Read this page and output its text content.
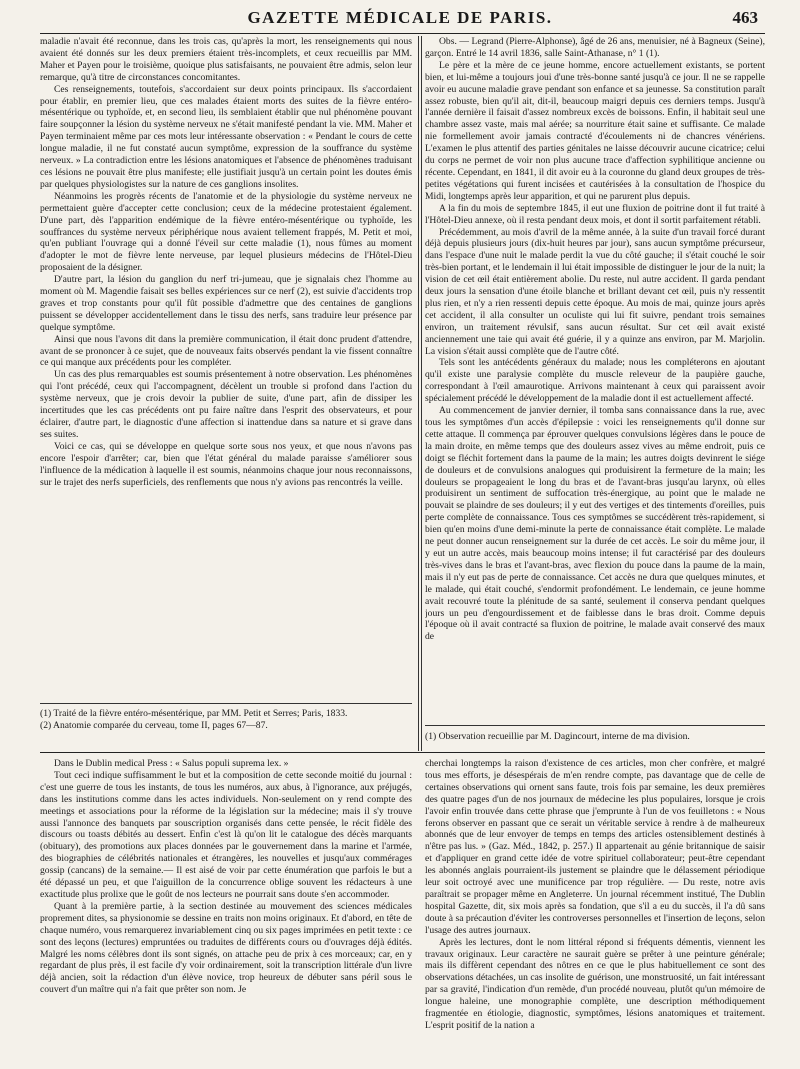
GAZETTE MÉDICALE DE PARIS.	463

maladie n'avait été reconnue, dans les trois cas, qu'après la mort, les renseignements qui nous avaient été donnés sur les deux premiers étaient très-incomplets, et ceux recueillis par MM. Maher et Payen pour le troisième, quoique plus satisfaisants, ne pouvaient être admis, selon leur remarque, qu'à titre de circonstances concomitantes.

Ces renseignements, toutefois, s'accordaient sur deux points principaux. Ils s'accordaient pour établir, en premier lieu, que ces malades étaient morts des suites de la fièvre entéro-mésentérique ou typhoïde, et, en second lieu, ils semblaient établir que nul phénomène pouvant faire soupçonner la lésion du système nerveux ne s'était manifesté pendant la vie. MM. Maher et Payen terminaient même par ces mots leur intéressante observation : « Pendant le cours de cette longue maladie, il ne fut constaté aucun symptôme, expression de la souffrance du système nerveux. » La contradiction entre les lésions anatomiques et l'absence de phénomènes traduisant ces lésions ne pouvait être plus manifeste; elle justifiait jusqu'à un certain point les doutes émis par quelques physiologistes sur la nature de ces ganglions insolites.

Néanmoins les progrès récents de l'anatomie et de la physiologie du système nerveux ne permettaient guère d'accepter cette conclusion; ceux de la médecine protestaient également. D'une part, dès l'apparition endémique de la fièvre entéro-mésentérique ou typhoïde, les souffrances du système nerveux périphérique nous avaient tellement frappés, M. Petit et moi, qu'en publiant l'ouvrage qui a donné l'éveil sur cette maladie (1), nous fûmes au moment d'adopter le mot de fièvre lente nerveuse, par lequel plusieurs médecins de l'Hôtel-Dieu proposaient de la désigner.

D'autre part, la lésion du ganglion du nerf tri-jumeau, que je signalais chez l'homme au moment où M. Magendie faisait ses belles expériences sur ce nerf (2), est suivie d'accidents trop graves et trop constants pour qu'il fût possible d'admettre que des centaines de ganglions puissent se développer accidentellement dans le tissu des nerfs, sans traduire leur présence par quelque symptôme.

Ainsi que nous l'avons dit dans la première communication, il était donc prudent d'attendre, avant de se prononcer à ce sujet, que de nouveaux faits observés pendant la vie fissent connaître ce qui manque aux précédents pour les compléter.

Un cas des plus remarquables est soumis présentement à notre observation. Les phénomènes qui l'ont précédé, ceux qui l'accompagnent, décèlent un trouble si profond dans l'action du système nerveux, que je crois devoir la publier de suite, d'une part, afin de dissiper les incertitudes que les cas précédents ont pu faire naître dans l'esprit des observateurs, et pour éclairer, d'autre part, le diagnostic d'une affection si inattendue dans sa nature et si grave dans ses suites.

Voici ce cas, qui se développe en quelque sorte sous nos yeux, et que nous n'avons pas encore l'espoir d'arrêter; car, bien que l'état général du malade paraisse s'améliorer sous l'influence de la médication à laquelle il est soumis, néanmoins chaque jour nous reconnaissons, sur le trajet des nerfs superficiels, des renflements que nous n'y avions pas rencontrés la veille.

(1) Traité de la fièvre entéro-mésentérique, par MM. Petit et Serres; Paris, 1833.
(2) Anatomie comparée du cerveau, tome II, pages 67—87.

Obs. — Legrand (Pierre-Alphonse), âgé de 26 ans, menuisier, né à Bagneux (Seine), garçon. Entré le 14 avril 1836, salle Saint-Athanase, n° 1 (1).

Le père et la mère de ce jeune homme, encore actuellement existants, se portent bien, et lui-même a toujours joui d'une très-bonne santé jusqu'à ce jour. Il ne se rappelle avoir eu aucune maladie grave pendant son enfance et sa jeunesse. Sa constitution paraît assez robuste, bien qu'il ait, dit-il, beaucoup maigri depuis ces derniers temps. Jusqu'à l'année dernière il faisait d'assez nombreux excès de boissons. Enfin, il habitait seul une chambre assez vaste, mais mal aérée; sa nourriture était saine et suffisante. Ce malade nie formellement avoir jamais contracté d'écoulements ni de chancres vénériens. L'examen le plus attentif des parties génitales ne laisse découvrir aucune cicatrice; celui du corps ne permet de voir non plus aucune trace d'affection syphilitique ancienne ou récente. Cependant, en 1841, il dit avoir eu à la couronne du gland deux groupes de très-petites végétations qui furent incisées et cautérisées à la consultation de l'hospice du Midi, longtemps après leur apparition, et qui ne parurent plus depuis.

A la fin du mois de septembre 1845, il eut une fluxion de poitrine dont il fut traité à l'Hôtel-Dieu annexe, où il resta pendant deux mois, et dont il sortit parfaitement rétabli.

Précédemment, au mois d'avril de la même année, à la suite d'un travail forcé durant déjà depuis plusieurs jours (dix-huit heures par jour), sans aucun symptôme précurseur, dans l'espace d'une nuit le malade perdit la vue du côté gauche; il s'était couché le soir très-bien portant, et le lendemain il lui était impossible de distinguer le jour de la nuit; la vision de cet œil était entièrement abolie. Du reste, nul autre accident. Il garda pendant deux jours la sensation d'une étoile blanche et brillant devant cet œil, puis n'y ressentit plus rien, et n'y a rien ressenti depuis cette époque. Au mois de mai, quinze jours après cet accident, il alla consulter un oculiste qui lui fit suivre, pendant trois semaines environ, un traitement révulsif, sans aucun résultat. Sur cet œil avait existé anciennement une taie qui avait été guérie, il y a quinze ans environ, par M. Marjolin. La vision s'était aussi complète que de l'autre côté.

Tels sont les antécédents généraux du malade; nous les compléterons en ajoutant qu'il existe une paralysie complète du muscle releveur de la paupière gauche, correspondant à l'œil amaurotique. Arrivons maintenant à ceux qui paraissent avoir spécialement précédé le développement de la maladie dont il est actuellement affecté.

Au commencement de janvier dernier, il tomba sans connaissance dans la rue, avec tous les symptômes d'un accès d'épilepsie : voici les renseignements qu'il donne sur cette attaque. Il commença par éprouver quelques convulsions légères dans le pouce de la main droite, en même temps que des douleurs assez vives au même endroit, puis ce doigt se fléchit fortement dans la paume de la main; les autres doigts devinrent le siége de douleurs et de convulsions analogues qui produisirent la fermeture de la main; les douleurs se propageaient le long du bras et de l'avant-bras jusqu'au larynx, où elles produisirent un sentiment de suffocation très-énergique, au point que le malade ne pouvait se plaindre de ses douleurs; il y eut des vertiges et des tintements d'oreilles, puis perte complète de connaissance. Tous ces symptômes se succédèrent très-rapidement, si bien qu'en moins d'une demi-minute la perte de connaissance était complète. Le malade ne peut donner aucun renseignement sur la durée de cet accès. Le soir du même jour, il y eut un autre accès, mais beaucoup moins intense; il fut caractérisé par des douleurs très-vives dans le bras et l'avant-bras, avec flexion du pouce dans la paume de la main, mais il n'y eut pas de perte de connaissance. Cet accès ne dura que quelques minutes, et le malade, qui était couché, s'endormit profondément. Le lendemain, ce jeune homme avait recouvré toute la plénitude de sa santé, seulement il conserva pendant quelques jours un peu d'engourdissement et de faiblesse dans le bras droit. Comme depuis l'époque où il avait contracté sa fluxion de poitrine, le malade avait conservé des maux de

(1) Observation recueillie par M. Dagincourt, interne de ma division.

Dans le Dublin medical Press : « Salus populi suprema lex. »

Tout ceci indique suffisamment le but et la composition de cette seconde moitié du journal : c'est une guerre de tous les instants, de tous les numéros, aux abus, à l'ignorance, aux préjugés, dans les institutions comme dans les actes individuels. Non-seulement on y rend compte des meetings et associations pour la réforme de la législation sur la médecine; mais il s'y trouve aussi l'annonce des banquets par souscription organisés dans cette pensée, le récit fidèle des discours ou toasts débités au dessert. Enfin c'est là qu'on lit le catalogue des décès marquants (obituary), des promotions aux places données par le gouvernement dans la marine et l'armée, des biographies de célébrités nationales et étrangères, les nouvelles et jusqu'aux commérages gossip (cancans) de la semaine.— Il est aisé de voir par cette énumération que parfois le but a été dépassé un peu, et que l'aiguillon de la concurrence oblige souvent les rédacteurs à une exactitude plus prolixe que le goût de nos lecteurs ne pourrait sans doute s'en accommoder.

Quant à la première partie, à la section destinée au mouvement des sciences médicales proprement dites, sa physionomie se dessine en traits non moins originaux. Et d'abord, en tête de chaque numéro, vous remarquerez invariablement cinq ou six pages imprimées en petit texte : ce sont des leçons (lectures) empruntées ou traduites de différents cours ou d'ouvrages déjà édités. Malgré les noms célèbres dont ils sont signés, on attache peu de prix à ces morceaux; car, en y regardant de plus près, il est facile d'y voir ordinairement, soit la transcription littérale d'un livre déjà ancien, soit la rédaction d'un élève novice, trop heureux de débuter sans péril sous le couvert d'un maître qui n'a fait que prêter son nom. Je

cherchai longtemps la raison d'existence de ces articles, mon cher confrère, et malgré tous mes efforts, je désespérais de m'en rendre compte, pas davantage que de celle de certaines observations qui ornent sans faute, trois fois par semaine, les deux premières des quatre pages d'un de nos journaux de médecine les plus populaires, lorsque je crois l'avoir enfin trouvée dans cette phrase que j'emprunte à l'un de vos feuilletons : « Nous ferons observer en passant que ce serait un véritable service à rendre à de malheureux abonnés que de leur envoyer de temps en temps des articles ostensiblement destinés à n'être pas lus. » (Gaz. Méd., 1842, p. 257.) Il appartenait au génie britannique de saisir et d'appliquer en grand cette idée de votre spirituel collaborateur; peut-être cependant les abonnés anglais pourraient-ils justement se plaindre que le délassement périodique leur soit octroyé avec une munificence par trop régulière. — Du reste, notre avis paraîtrait se propager même en Angleterre. Un journal récemment institué, The Dublin hospital Gazette, dit, six mois après sa fondation, que s'il a eu du succès, il l'a dû sans doute à sa précaution d'éviter les controverses personnelles et l'insertion de leçons, selon l'usage des autres journaux.

Après les lectures, dont le nom littéral répond si fréquents démentis, viennent les travaux originaux. Leur caractère ne saurait guère se prêter à une peinture générale; mais ils diffèrent cependant des nôtres en ce que le plus habituellement ce sont des observations détachées, un cas insolite de guérison, une monstruosité, un fait intéressant par sa gravité, l'indication d'un remède, d'un procédé nouveau, plutôt qu'un mémoire de longue haleine, une monographie complète, une description méthodiquement fragmentée en étiologie, diagnostic, symptômes, lésions anatomiques et traitement. L'esprit positif de la nation a
